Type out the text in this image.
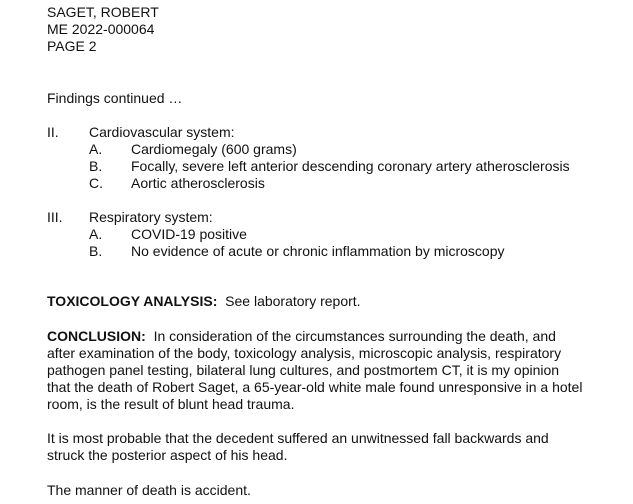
SAGET, ROBERT
ME 2022-000064
PAGE 2
Findings continued …
II. Cardiovascular system:
A. Cardiomegaly (600 grams)
B. Focally, severe left anterior descending coronary artery atherosclerosis
C. Aortic atherosclerosis
III. Respiratory system:
A. COVID-19 positive
B. No evidence of acute or chronic inflammation by microscopy
TOXICOLOGY ANALYSIS: See laboratory report.
CONCLUSION: In consideration of the circumstances surrounding the death, and
after examination of the body, toxicology analysis, microscopic analysis, respiratory
pathogen panel testing, bilateral lung cultures, and postmortem CT, it is my opinion
that the death of Robert Saget, a 65-year-old white male found unresponsive in a hotel
room, is the result of blunt head trauma.
It is most probable that the decedent suffered an unwitnessed fall backwards and
struck the posterior aspect of his head.
The manner of death is accident.
